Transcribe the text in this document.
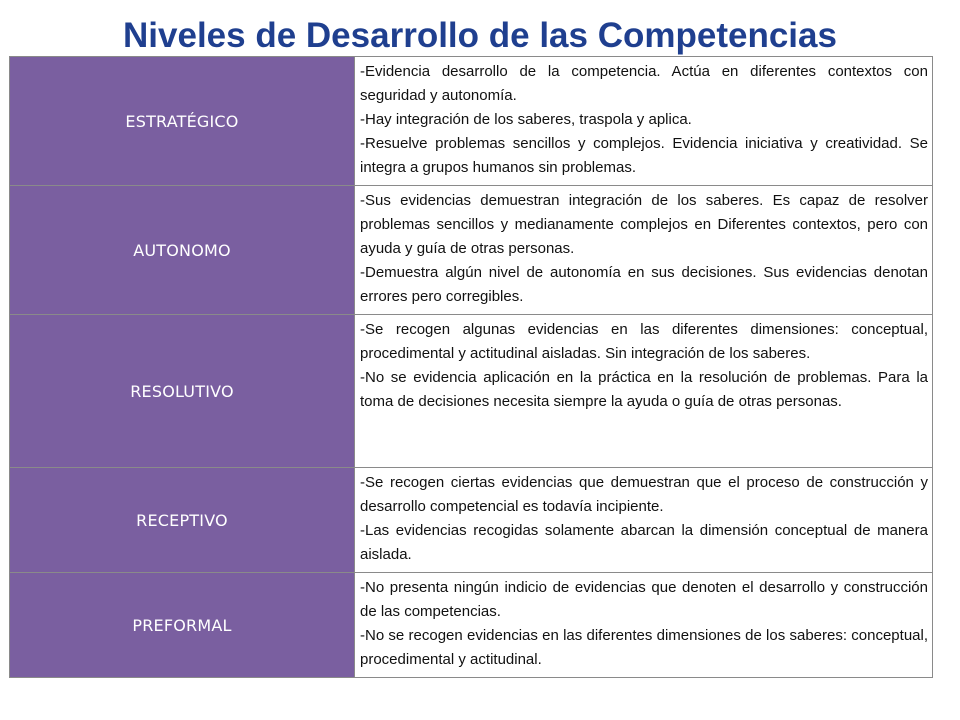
Niveles de Desarrollo de las Competencias
ESTRATÉGICO	-Evidencia desarrollo de la competencia. Actúa en diferentes contextos con seguridad y autonomía.

-Hay integración de los saberes, traspola y aplica.

-Resuelve problemas sencillos y complejos. Evidencia iniciativa y creatividad. Se integra a grupos humanos sin problemas.

AUTONOMO	-Sus evidencias demuestran integración de los saberes. Es capaz de resolver problemas sencillos y medianamente complejos en Diferentes contextos, pero con ayuda y guía de otras personas.

-Demuestra algún nivel de autonomía en sus decisiones. Sus evidencias denotan errores pero corregibles.

RESOLUTIVO	-Se recogen algunas evidencias en las diferentes dimensiones: conceptual, procedimental y actitudinal aisladas. Sin integración de los saberes.

-No se evidencia aplicación en la práctica en la resolución de problemas. Para la toma de decisiones necesita siempre la ayuda o guía de otras personas.

RECEPTIVO	-Se recogen ciertas evidencias que demuestran que el proceso de construcción y desarrollo competencial es todavía incipiente.

-Las evidencias recogidas solamente abarcan la dimensión conceptual de manera aislada.

PREFORMAL	-No presenta ningún indicio de evidencias que denoten el desarrollo y construcción de las competencias.

-No se recogen evidencias en las diferentes dimensiones de los saberes: conceptual, procedimental y actitudinal.
